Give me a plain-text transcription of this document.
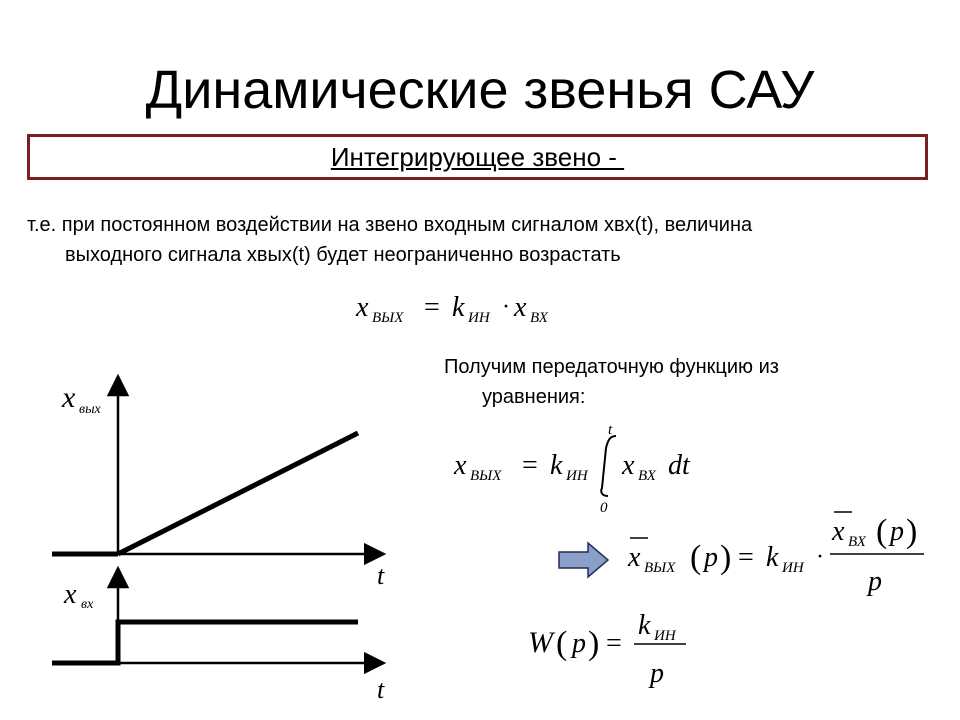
Динамические звенья САУ
Интегрирующее звено -
т.е. при постоянном воздействии на звено входным сигналом хвх(t), величина
выходного сигнала хвых(t) будет неограниченно возрастать
Получим передаточную функцию из
уравнения:
x вых
t
x вх
t
x ВЫХ = k ИН · x ВХ
x ВЫХ = k ИН
t
0
x ВХ dt
x ВЫХ ( p ) = k ИН ·
x ВХ ( p )
p
W ( p ) =
k ИН
p
